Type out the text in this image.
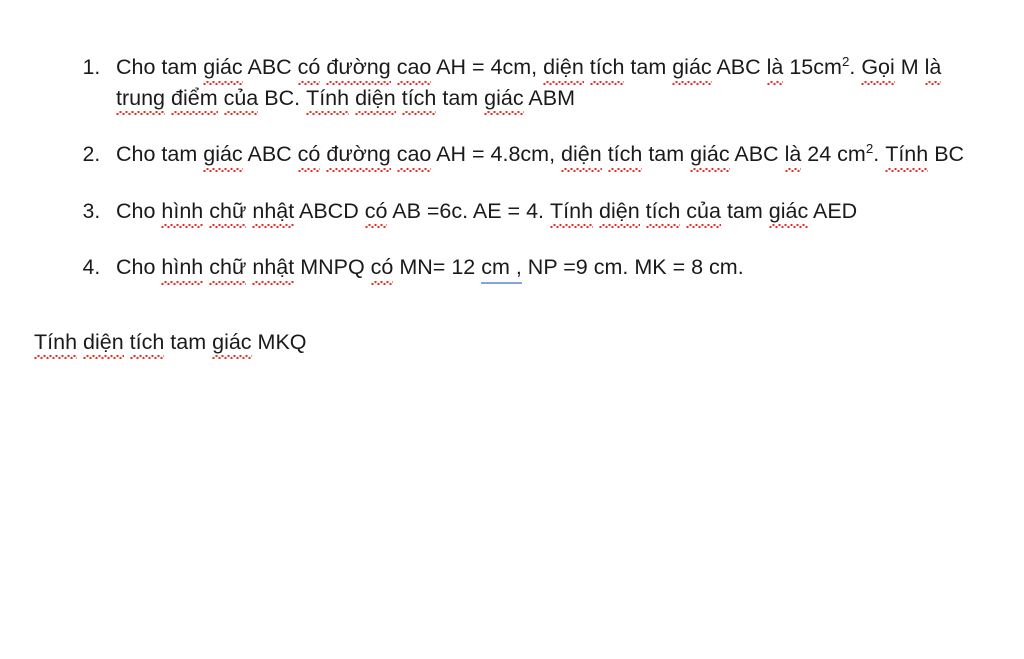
1. Cho tam giác ABC có đường cao AH = 4cm, diện tích tam giác ABC là $15cm^2$. Gọi M là trung điểm của BC. Tính diện tích tam giác ABM
2. Cho tam giác ABC có đường cao AH = 4.8cm, diện tích tam giác ABC là 24 $cm^2$. Tính BC
3. Cho hình chữ nhật ABCD có AB =6c. AE = 4. Tính diện tích của tam giác AED
4. Cho hình chữ nhật MNPQ có MN= 12 cm , NP =9 cm. MK = 8 cm.

Tính diện tích tam giác MKQ
